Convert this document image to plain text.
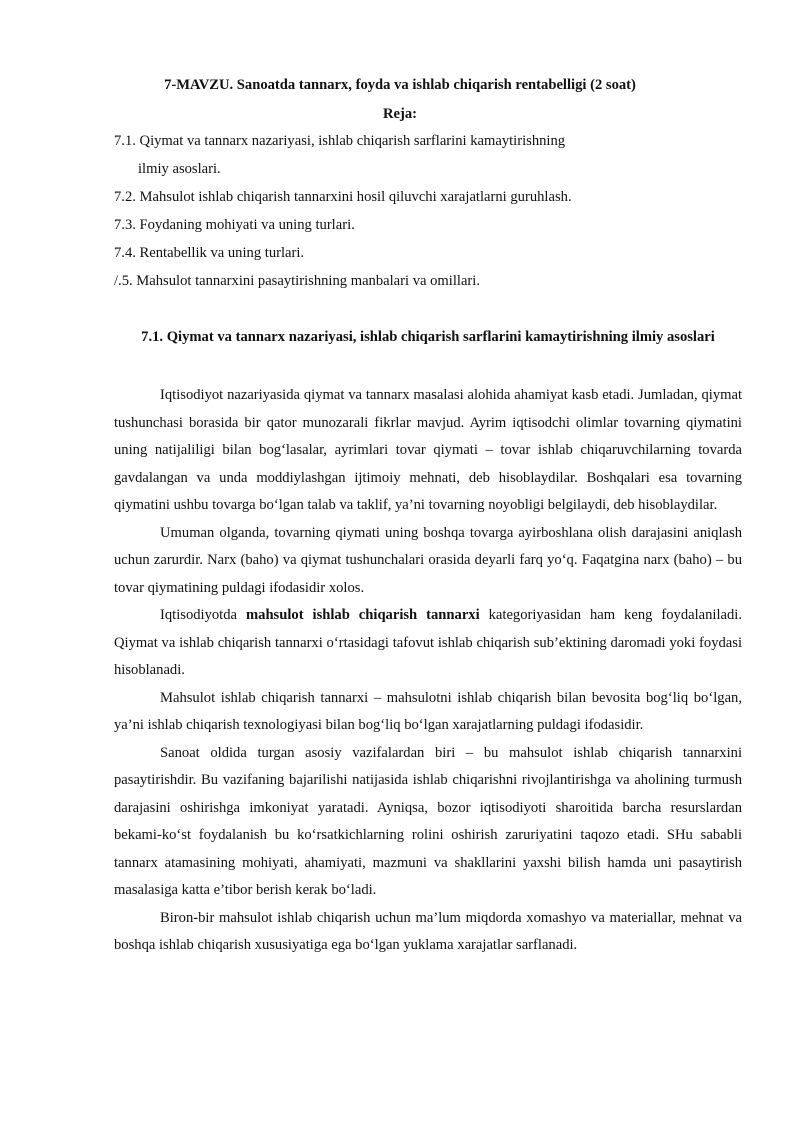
7-MAVZU. Sanoatda tannarx, foyda va ishlab chiqarish rentabelligi (2 soat)

Reja:

7.1. Qiymat va tannarx nazariyasi, ishlab chiqarish sarflarini kamaytirishning

ilmiy asoslari.

7.2. Mahsulot ishlab chiqarish tannarxini hosil qiluvchi xarajatlarni guruhlash.

7.3. Foydaning mohiyati va uning turlari.

7.4. Rentabellik va uning turlari.

/.5. Mahsulot tannarxini pasaytirishning manbalari va omillari.

7.1. Qiymat va tannarx nazariyasi, ishlab chiqarish sarflarini kamaytirishning ilmiy asoslari

Iqtisodiyot nazariyasida qiymat va tannarx masalasi alohida ahamiyat kasb etadi. Jumladan, qiymat tushunchasi borasida bir qator munozarali fikrlar mavjud. Ayrim iqtisodchi olimlar tovarning qiymatini uning natijaliligi bilan bog‘lasalar, ayrimlari tovar qiymati – tovar ishlab chiqaruvchilarning tovarda gavdalangan va unda moddiylashgan ijtimoiy mehnati, deb hisoblaydilar. Boshqalari esa tovarning qiymatini ushbu tovarga bo‘lgan talab va taklif, ya’ni tovarning noyobligi belgilaydi, deb hisoblaydilar.

Umuman olganda, tovarning qiymati uning boshqa tovarga ayirboshlana olish darajasini aniqlash uchun zarurdir. Narx (baho) va qiymat tushunchalari orasida deyarli farq yo‘q. Faqatgina narx (baho) – bu tovar qiymatining puldagi ifodasidir xolos.

Iqtisodiyotda mahsulot ishlab chiqarish tannarxi kategoriyasidan ham keng foydalaniladi. Qiymat va ishlab chiqarish tannarxi o‘rtasidagi tafovut ishlab chiqarish sub’ektining daromadi yoki foydasi hisoblanadi.

Mahsulot ishlab chiqarish tannarxi – mahsulotni ishlab chiqarish bilan bevosita bog‘liq bo‘lgan, ya’ni ishlab chiqarish texnologiyasi bilan bog‘liq bo‘lgan xarajatlarning puldagi ifodasidir.

Sanoat oldida turgan asosiy vazifalardan biri – bu mahsulot ishlab chiqarish tannarxini pasaytirishdir. Bu vazifaning bajarilishi natijasida ishlab chiqarishni rivojlantirishga va aholining turmush darajasini oshirishga imkoniyat yaratadi. Ayniqsa, bozor iqtisodiyoti sharoitida barcha resurslardan bekami-ko‘st foydalanish bu ko‘rsatkichlarning rolini oshirish zaruriyatini taqozo etadi. SHu sababli tannarx atamasining mohiyati, ahamiyati, mazmuni va shakllarini yaxshi bilish hamda uni pasaytirish masalasiga katta e’tibor berish kerak bo‘ladi.

Biron-bir mahsulot ishlab chiqarish uchun ma’lum miqdorda xomashyo va materiallar, mehnat va boshqa ishlab chiqarish xususiyatiga ega bo‘lgan yuklama xarajatlar sarflanadi.
